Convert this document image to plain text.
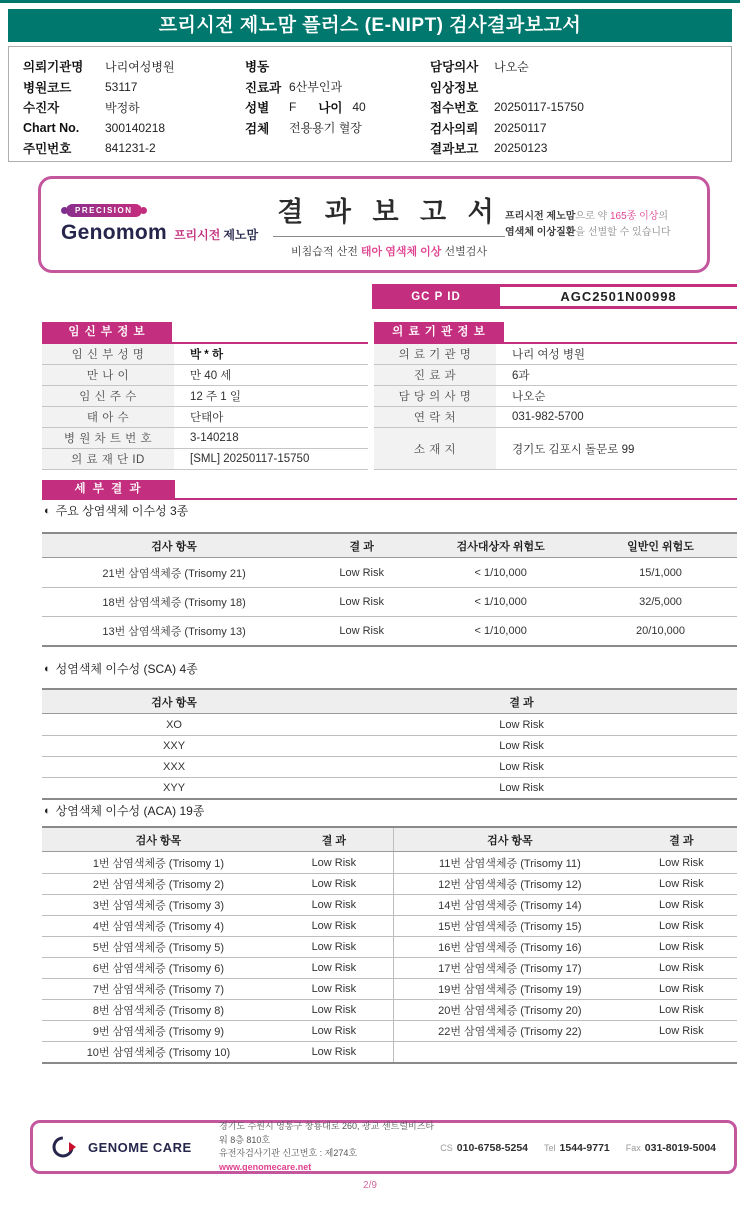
프리시전 제노맘 플러스 (E-NIPT) 검사결과보고서
의뢰기관명	나리여성병원
병원코드	53117
수진자	박정하
Chart No.	300140218
주민번호	841231-2
병동
진료과 6산부인과
성별	F 나이 40
검체	전용용기 혈장
담당의사	나오순
임상정보
접수번호	20250117-15750
검사의뢰	20250117
결과보고	20250123
PRECISION
Genomom 프리시전 제노맘
결 과 보 고 서
비침습적 산전 태아 염색체 이상 선별검사
프리시전 제노맘으로 약 165종 이상의
염색체 이상질환을 선별할 수 있습니다
GC P ID	AGC2501N00998
임 신 부 정 보
임 신 부 성 명	박 * 하
만 나 이	만 40 세
임 신 주 수	12 주 1 일
태 아 수	단태아
병 원 차 트 번 호	3-140218
의 료 재 단 ID	[SML] 20250117-15750
의 료 기 관 정 보
의 료 기 관 명	나리 여성 병원
진 료 과	6과
담 당 의 사 명	나오순
연 락 처	031-982-5700
소 재 지	경기도 김포시 돌문로 99
세 부 결 과
◐ 주요 상염색체 이수성 3종
검사 항목	결 과	검사대상자 위험도	일반인 위험도
21번 삼염색체증 (Trisomy 21)	Low Risk	< 1/10,000	15/1,000
18번 삼염색체증 (Trisomy 18)	Low Risk	< 1/10,000	32/5,000
13번 삼염색체증 (Trisomy 13)	Low Risk	< 1/10,000	20/10,000
◐ 성염색체 이수성 (SCA) 4종
검사 항목	결 과
XO	Low Risk
XXY	Low Risk
XXX	Low Risk
XYY	Low Risk
◐ 상염색체 이수성 (ACA) 19종
검사 항목	결 과	검사 항목	결 과
1번 삼염색체증 (Trisomy 1)	Low Risk	11번 삼염색체증 (Trisomy 11)	Low Risk
2번 삼염색체증 (Trisomy 2)	Low Risk	12번 삼염색체증 (Trisomy 12)	Low Risk
3번 삼염색체증 (Trisomy 3)	Low Risk	14번 삼염색체증 (Trisomy 14)	Low Risk
4번 삼염색체증 (Trisomy 4)	Low Risk	15번 삼염색체증 (Trisomy 15)	Low Risk
5번 삼염색체증 (Trisomy 5)	Low Risk	16번 삼염색체증 (Trisomy 16)	Low Risk
6번 삼염색체증 (Trisomy 6)	Low Risk	17번 삼염색체증 (Trisomy 17)	Low Risk
7번 삼염색체증 (Trisomy 7)	Low Risk	19번 삼염색체증 (Trisomy 19)	Low Risk
8번 삼염색체증 (Trisomy 8)	Low Risk	20번 삼염색체증 (Trisomy 20)	Low Risk
9번 삼염색체증 (Trisomy 9)	Low Risk	22번 삼염색체증 (Trisomy 22)	Low Risk
10번 삼염색체증 (Trisomy 10)	Low Risk
GENOME CARE
경기도 수원시 영통구 창룡대로 260, 광교 센트럴비즈타워 8층 810호
유전자검사기관 신고번호 : 제274호
www.genomecare.net
CS 010-6758-5254 Tel 1544-9771 Fax 031-8019-5004
2/9
